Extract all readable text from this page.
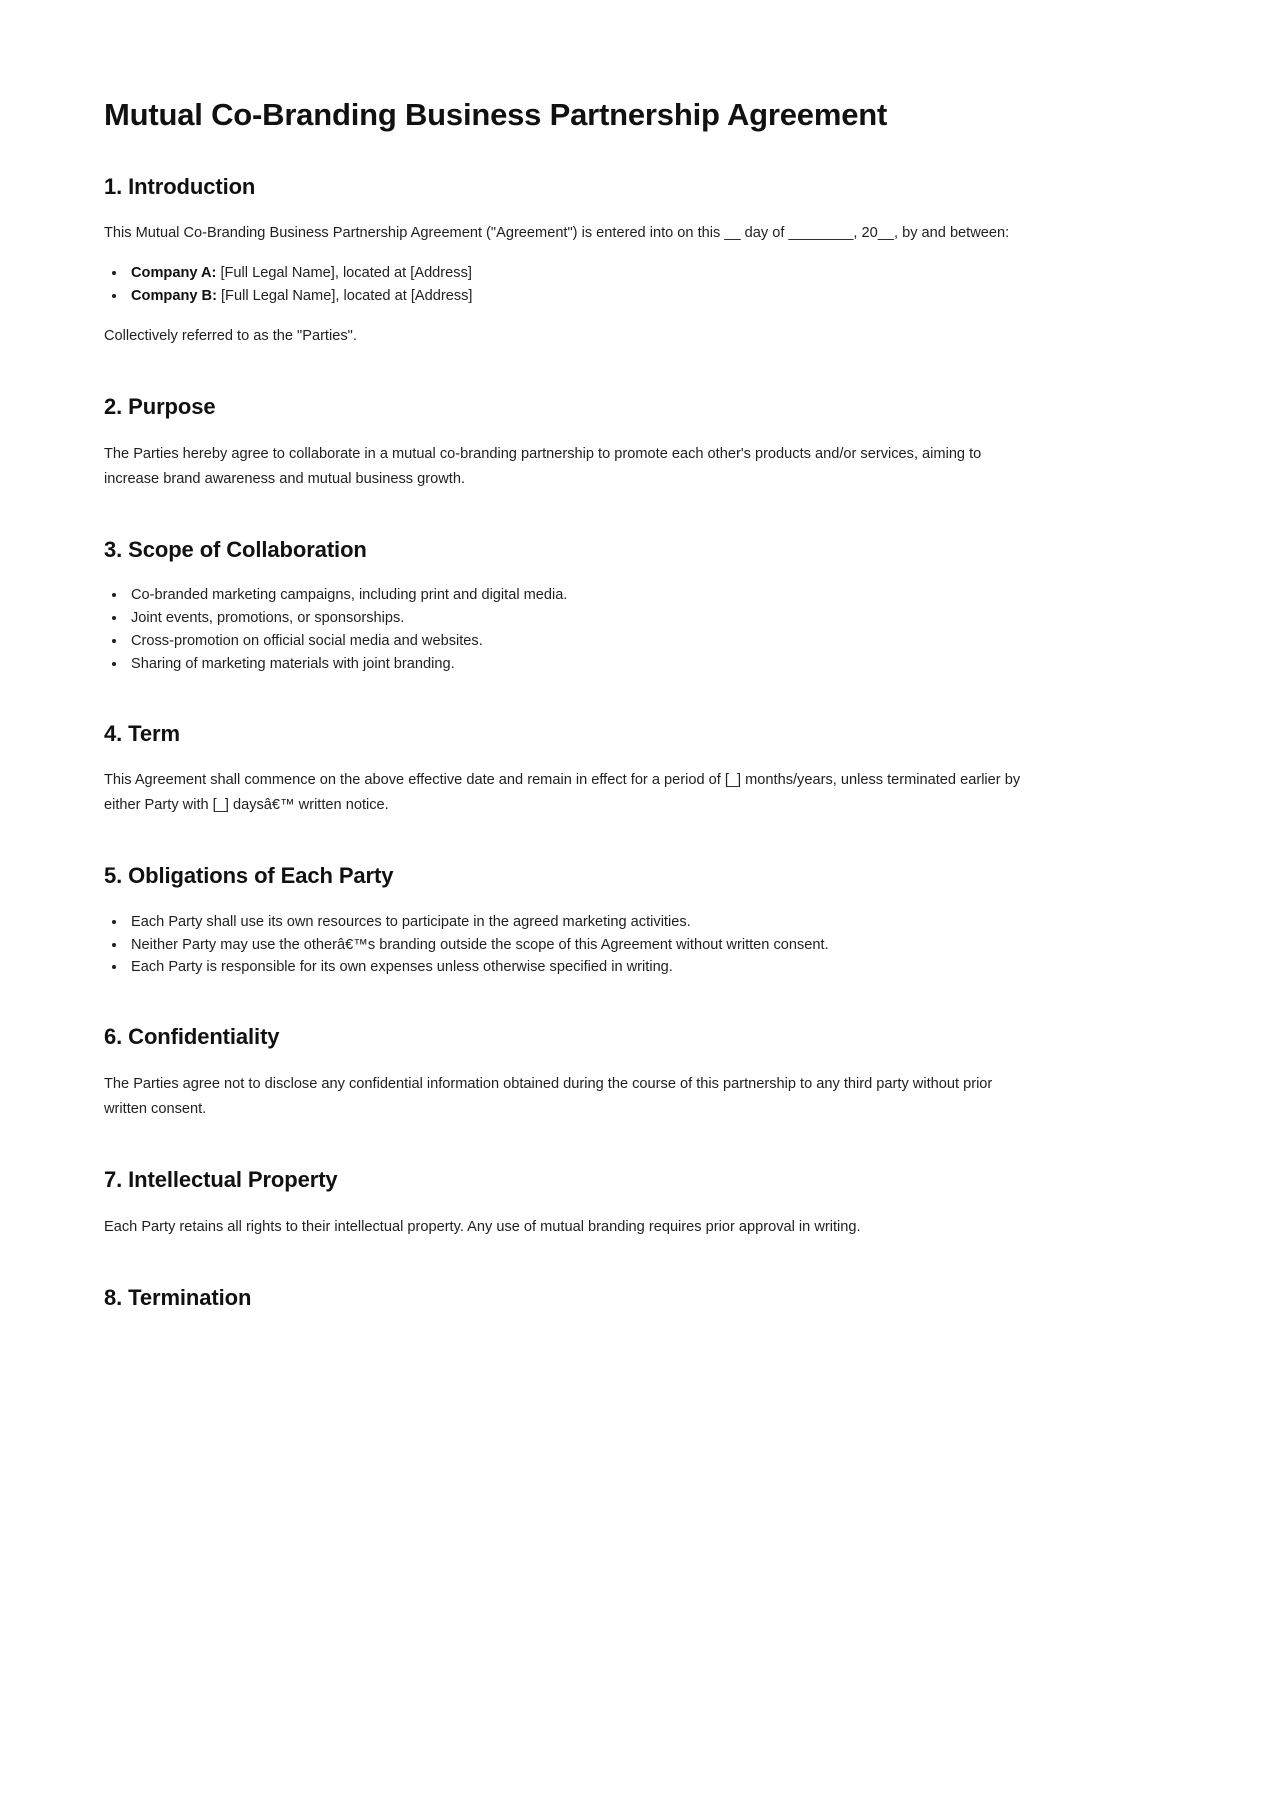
Mutual Co-Branding Business Partnership Agreement
1. Introduction

This Mutual Co-Branding Business Partnership Agreement ("Agreement") is entered into on this __ day of ________, 20__, by and between:

• Company A: [Full Legal Name], located at [Address]
• Company B: [Full Legal Name], located at [Address]

Collectively referred to as the "Parties".

2. Purpose

The Parties hereby agree to collaborate in a mutual co-branding partnership to promote each other's products and/or services, aiming to increase brand awareness and mutual business growth.

3. Scope of Collaboration
• Co-branded marketing campaigns, including print and digital media.
• Joint events, promotions, or sponsorships.
• Cross-promotion on official social media and websites.
• Sharing of marketing materials with joint branding.
4. Term

This Agreement shall commence on the above effective date and remain in effect for a period of [_] months/years, unless terminated earlier by either Party with [_] daysâ€™ written notice.

5. Obligations of Each Party
• Each Party shall use its own resources to participate in the agreed marketing activities.
• Neither Party may use the otherâ€™s branding outside the scope of this Agreement without written consent.
• Each Party is responsible for its own expenses unless otherwise specified in writing.
6. Confidentiality

The Parties agree not to disclose any confidential information obtained during the course of this partnership to any third party without prior written consent.

7. Intellectual Property

Each Party retains all rights to their intellectual property. Any use of mutual branding requires prior approval in writing.

8. Termination
